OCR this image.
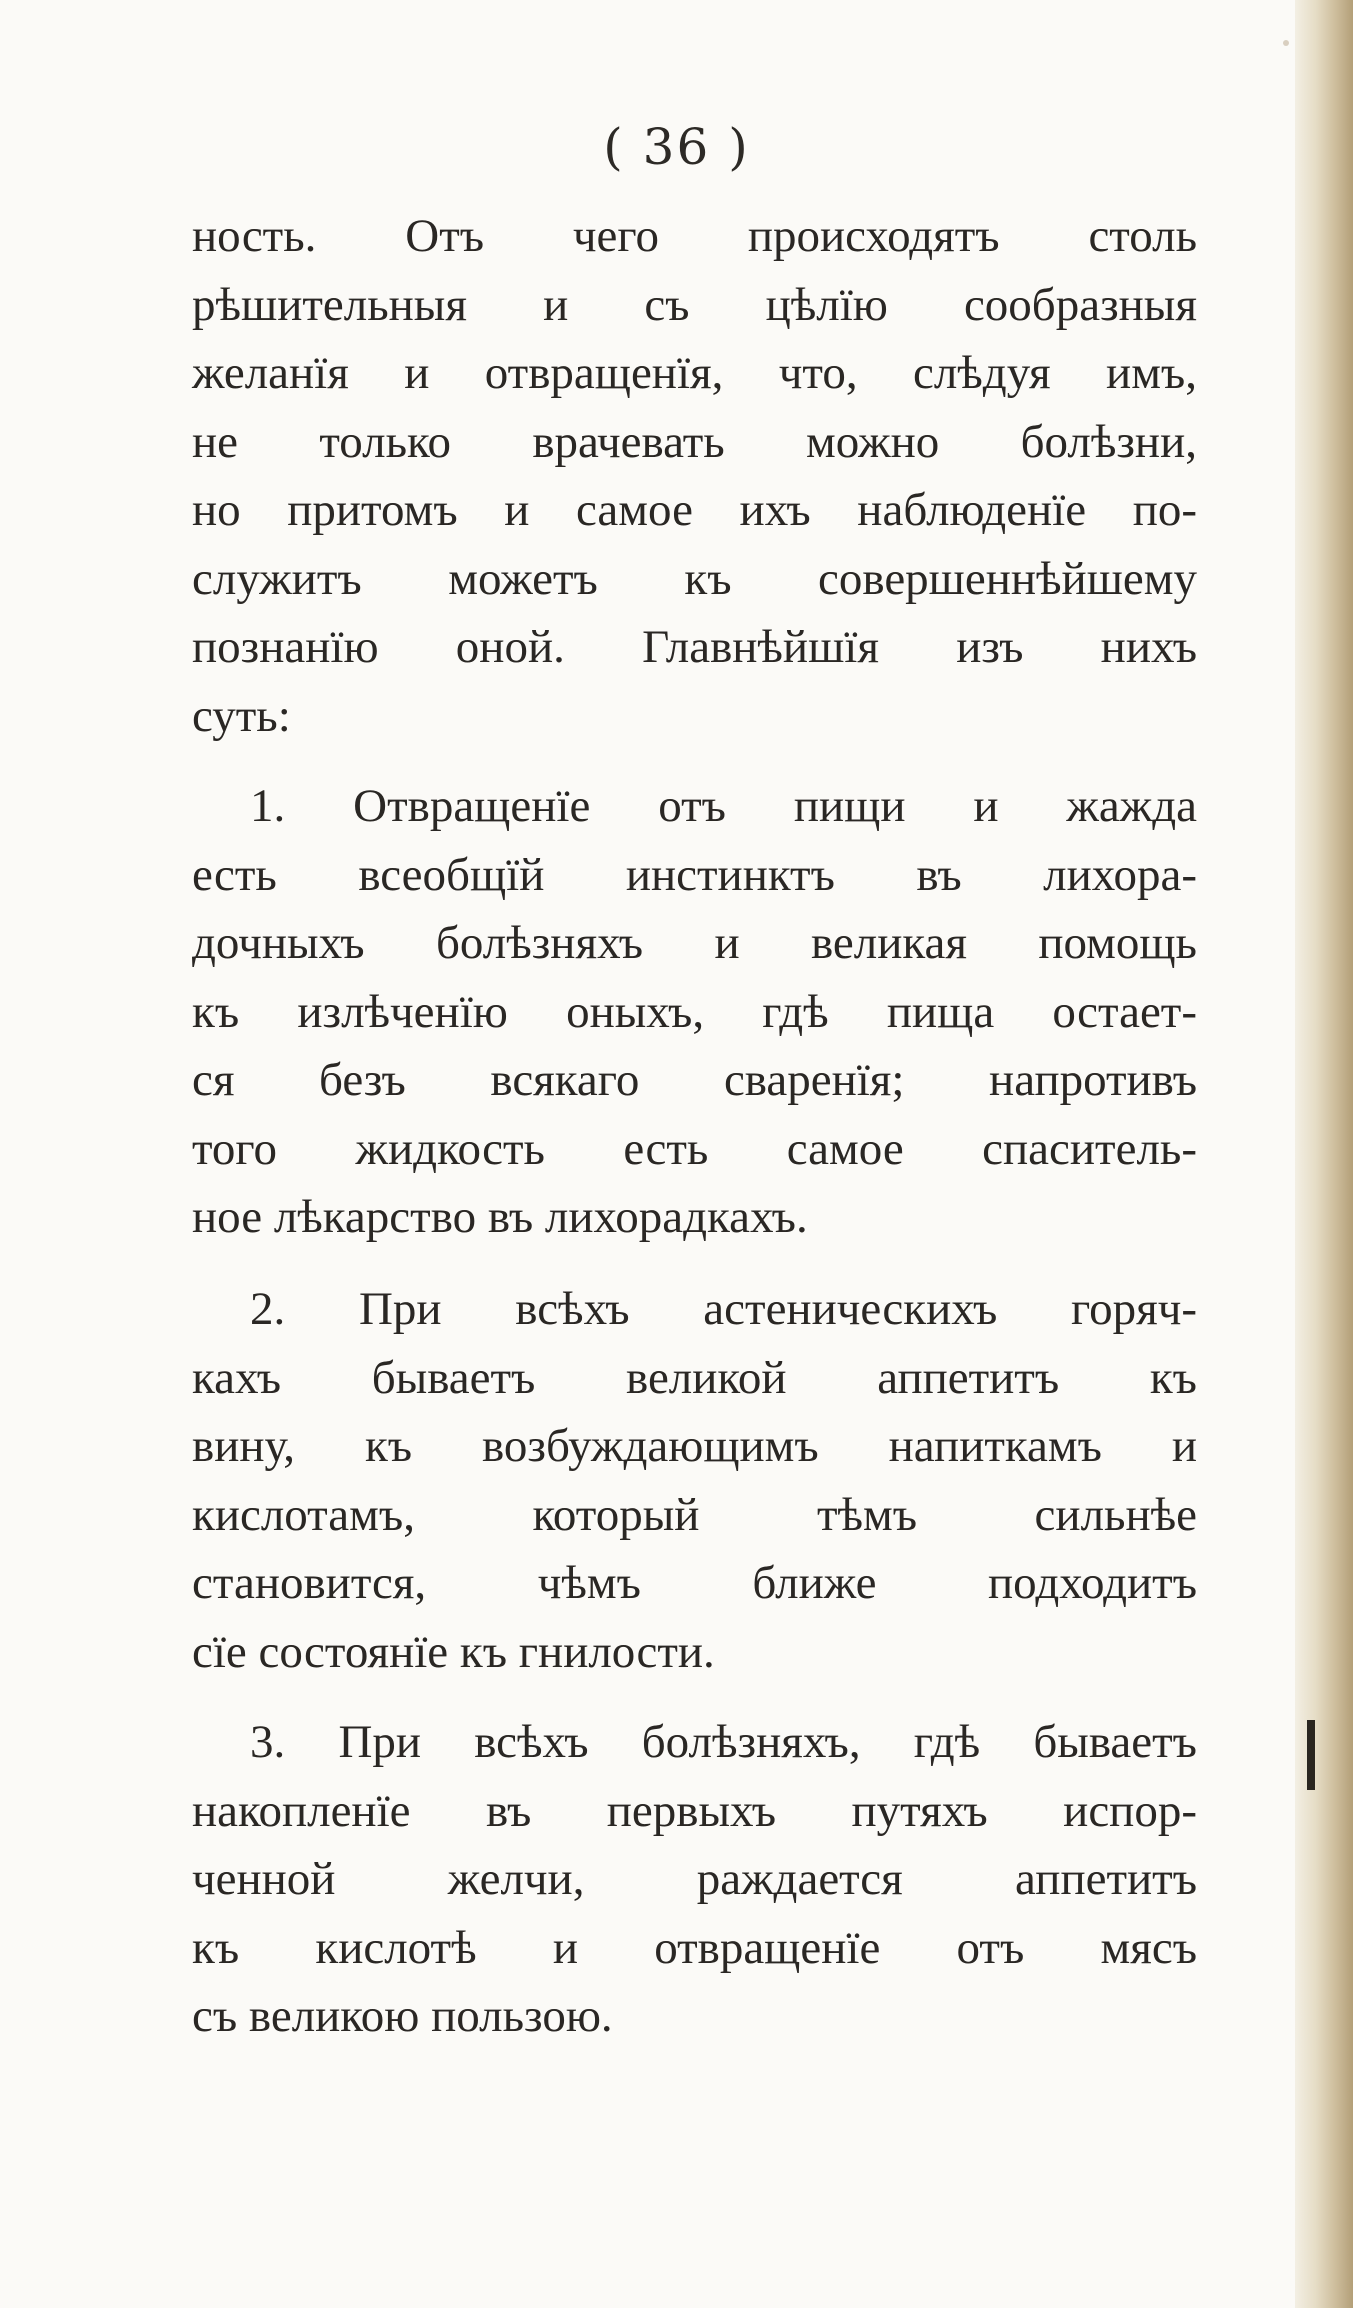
( 36 )
ность. Отъ чего происходятъ столь
рѣшительныя и съ цѣлїю сообразныя
желанїя и отвращенїя, что, слѣдуя имъ,
не только врачевать можно болѣзни,
но притомъ и самое ихъ наблюденїе по-
служитъ можетъ къ совершеннѣйшему
познанїю оной. Главнѣйшїя изъ нихъ
суть:
1. Отвращенїе отъ пищи и жажда
есть всеобщїй инстинктъ въ лихора-
дочныхъ болѣзняхъ и великая помощь
къ излѣченїю оныхъ, гдѣ пища остает-
ся безъ всякаго сваренїя; напротивъ
того жидкость есть самое спаситель-
ное лѣкарство въ лихорадкахъ.
2. При всѣхъ астеническихъ горяч-
кахъ бываетъ великой аппетитъ къ
вину, къ возбуждающимъ напиткамъ и
кислотамъ, который тѣмъ сильнѣе
становится, чѣмъ ближе подходитъ
сїе состоянїе къ гнилости.
3. При всѣхъ болѣзняхъ, гдѣ бываетъ
накопленїе въ первыхъ путяхъ испор-
ченной желчи, раждается аппетитъ
къ кислотѣ и отвращенїе отъ мясъ
съ великою пользою.
